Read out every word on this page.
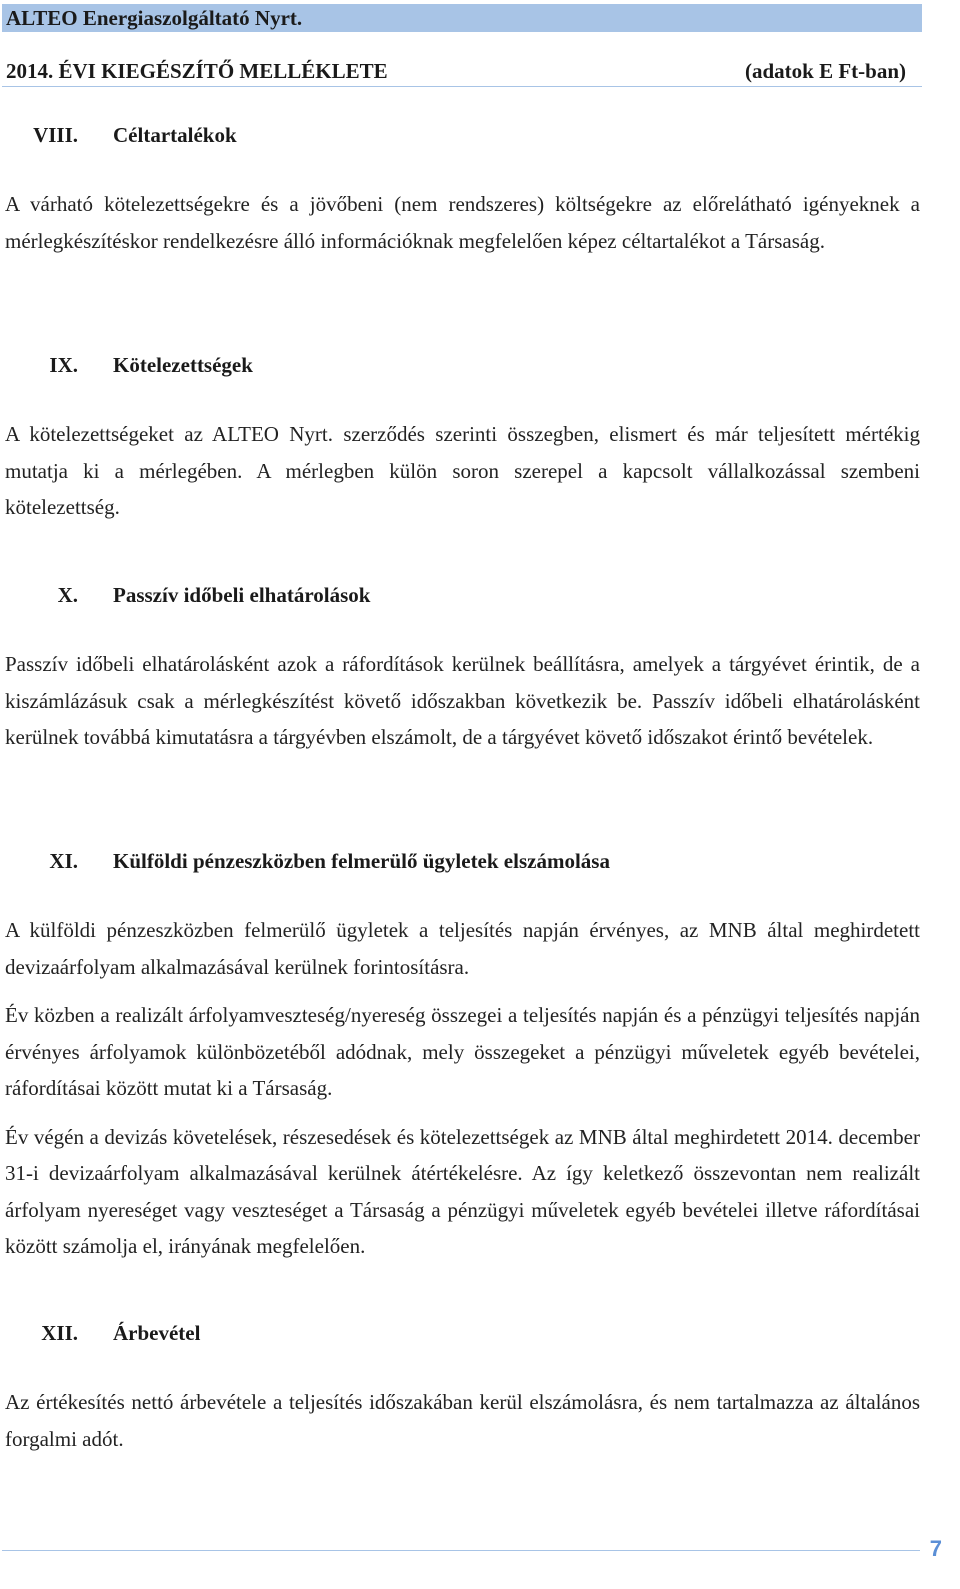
ALTEO Energiaszolgáltató Nyrt.
2014. ÉVI KIEGÉSZÍTŐ MELLÉKLETE	(adatok E Ft-ban)
VIII. Céltartalékok

A várható kötelezettségekre és a jövőbeni (nem rendszeres) költségekre az előrelátható igényeknek a mérlegkészítéskor rendelkezésre álló információknak megfelelően képez céltartalékot a Társaság.

IX. Kötelezettségek

A kötelezettségeket az ALTEO Nyrt. szerződés szerinti összegben, elismert és már teljesített mértékig mutatja ki a mérlegében. A mérlegben külön soron szerepel a kapcsolt vállalkozással szembeni kötelezettség.

X. Passzív időbeli elhatárolások

Passzív időbeli elhatárolásként azok a ráfordítások kerülnek beállításra, amelyek a tárgyévet érintik, de a kiszámlázásuk csak a mérlegkészítést követő időszakban következik be. Passzív időbeli elhatárolásként kerülnek továbbá kimutatásra a tárgyévben elszámolt, de a tárgyévet követő időszakot érintő bevételek.

XI. Külföldi pénzeszközben felmerülő ügyletek elszámolása

A külföldi pénzeszközben felmerülő ügyletek a teljesítés napján érvényes, az MNB által meghirdetett devizaárfolyam alkalmazásával kerülnek forintosításra.

Év közben a realizált árfolyamveszteség/nyereség összegei a teljesítés napján és a pénzügyi teljesítés napján érvényes árfolyamok különbözetéből adódnak, mely összegeket a pénzügyi műveletek egyéb bevételei, ráfordításai között mutat ki a Társaság.

Év végén a devizás követelések, részesedések és kötelezettségek az MNB által meghirdetett 2014. december 31-i devizaárfolyam alkalmazásával kerülnek átértékelésre. Az így keletkező összevontan nem realizált árfolyam nyereséget vagy veszteséget a Társaság a pénzügyi műveletek egyéb bevételei illetve ráfordításai között számolja el, irányának megfelelően.

XII. Árbevétel

Az értékesítés nettó árbevétele a teljesítés időszakában kerül elszámolásra, és nem tartalmazza az általános forgalmi adót.

7
